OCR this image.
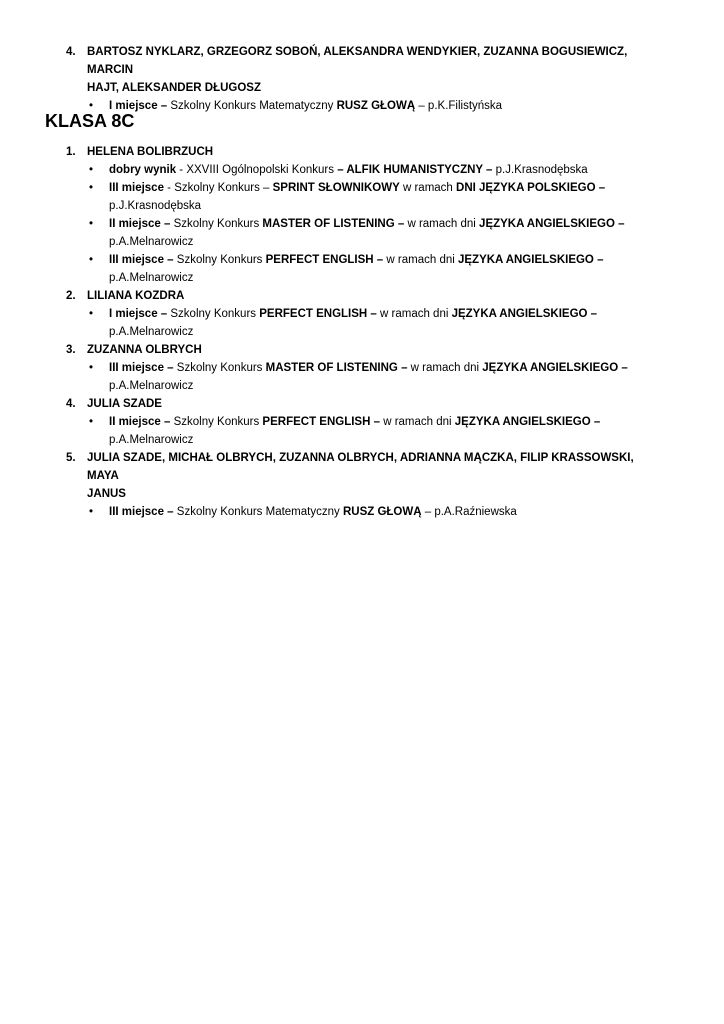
4. BARTOSZ NYKLARZ, GRZEGORZ SOBOŃ, ALEKSANDRA WENDYKIER, ZUZANNA BOGUSIEWICZ, MARCIN
HAJT, ALEKSANDER DŁUGOSZ
• I miejsce – Szkolny Konkurs Matematyczny RUSZ GŁOWĄ – p.K.Filistyńska
KLASA 8C
1. HELENA BOLIBRZUCH
• dobry wynik - XXVIII Ogólnopolski Konkurs – ALFIK HUMANISTYCZNY – p.J.Krasnodębska
• III miejsce - Szkolny Konkurs – SPRINT SŁOWNIKOWY w ramach DNI JĘZYKA POLSKIEGO –
p.J.Krasnodębska
• II miejsce – Szkolny Konkurs MASTER OF LISTENING – w ramach dni JĘZYKA ANGIELSKIEGO –
p.A.Melnarowicz
• III miejsce – Szkolny Konkurs PERFECT ENGLISH – w ramach dni JĘZYKA ANGIELSKIEGO –
p.A.Melnarowicz
2. LILIANA KOZDRA
• I miejsce – Szkolny Konkurs PERFECT ENGLISH – w ramach dni JĘZYKA ANGIELSKIEGO –
p.A.Melnarowicz
3. ZUZANNA OLBRYCH
• III miejsce – Szkolny Konkurs MASTER OF LISTENING – w ramach dni JĘZYKA ANGIELSKIEGO –
p.A.Melnarowicz
4. JULIA SZADE
• II miejsce – Szkolny Konkurs PERFECT ENGLISH – w ramach dni JĘZYKA ANGIELSKIEGO –
p.A.Melnarowicz
5. JULIA SZADE, MICHAŁ OLBRYCH, ZUZANNA OLBRYCH, ADRIANNA MĄCZKA, FILIP KRASSOWSKI, MAYA
JANUS
• III miejsce – Szkolny Konkurs Matematyczny RUSZ GŁOWĄ – p.A.Raźniewska
